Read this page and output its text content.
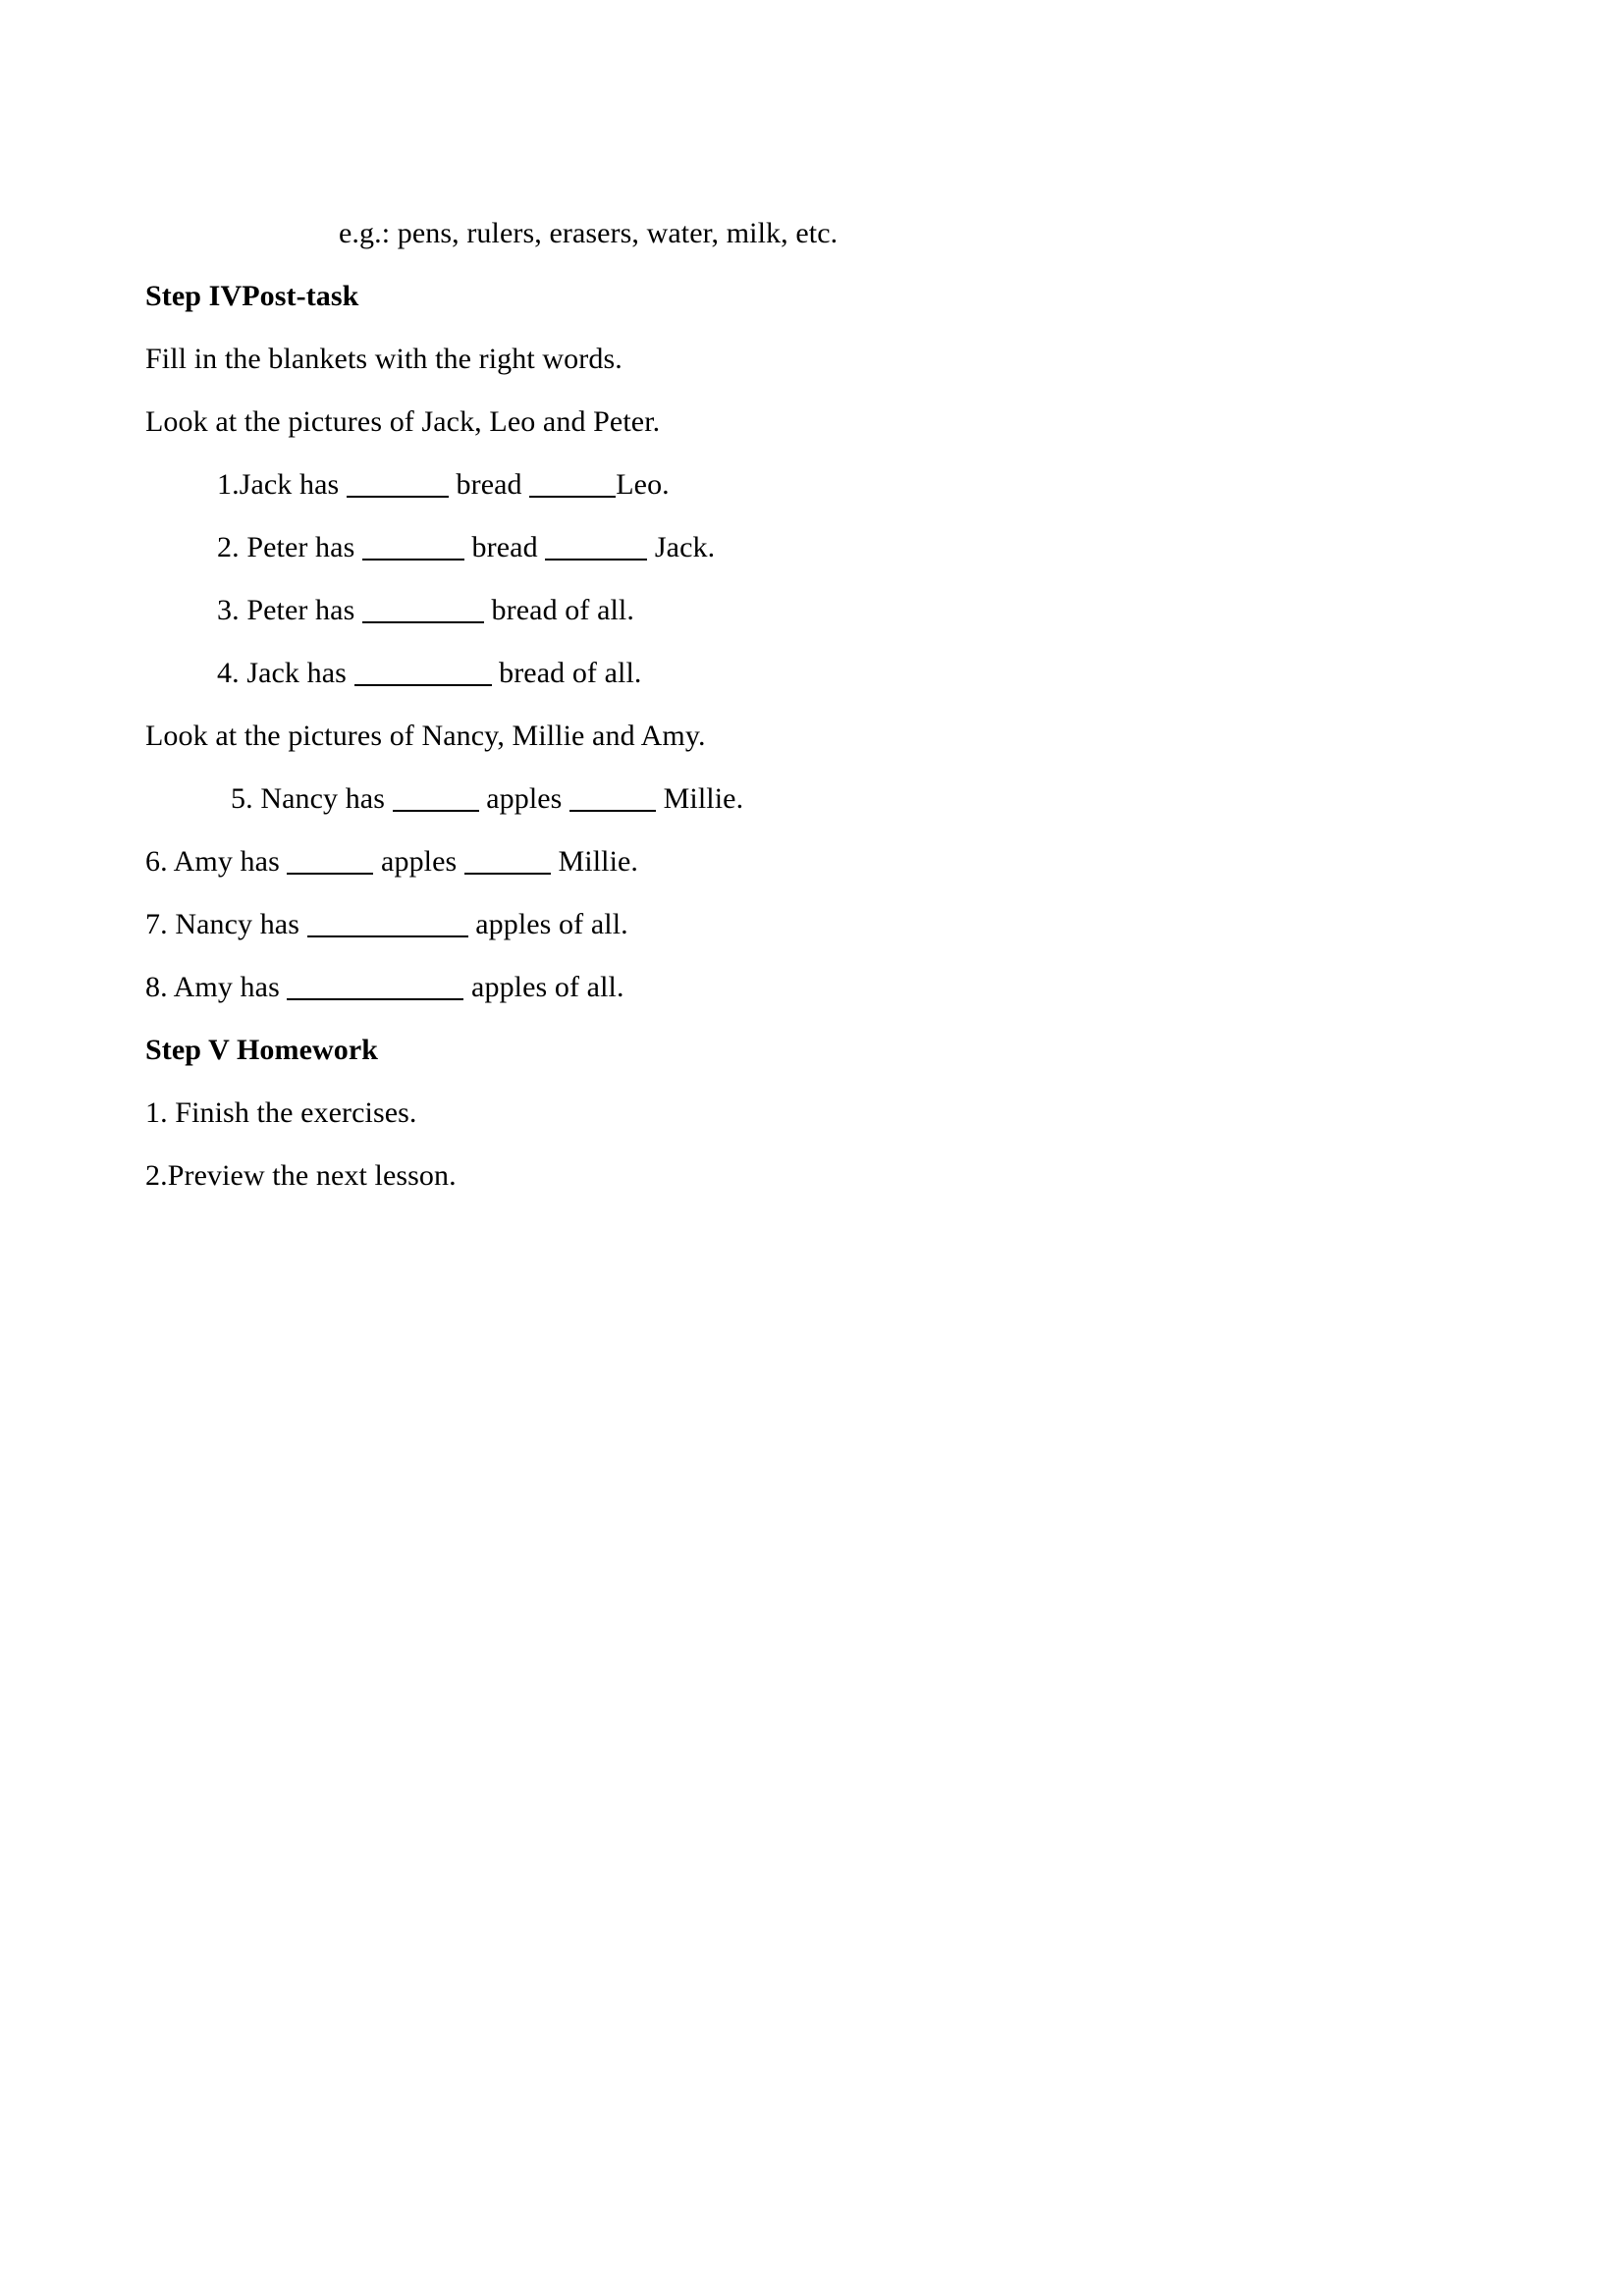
e.g.: pens, rulers, erasers, water, milk, etc.
Step IVPost-task
Fill in the blankets with the right words.
Look at the pictures of Jack, Leo and Peter.
1.Jack has	bread	Leo.
2. Peter has	bread	Jack.
3. Peter has	bread of all.
4. Jack has	bread of all.
Look at the pictures of Nancy, Millie and Amy.
5. Nancy has	apples	Millie.
6. Amy has	apples	Millie.
7. Nancy has	apples of all.
8. Amy has	apples of all.
Step V Homework
1. Finish the exercises.
2.Preview the next lesson.
